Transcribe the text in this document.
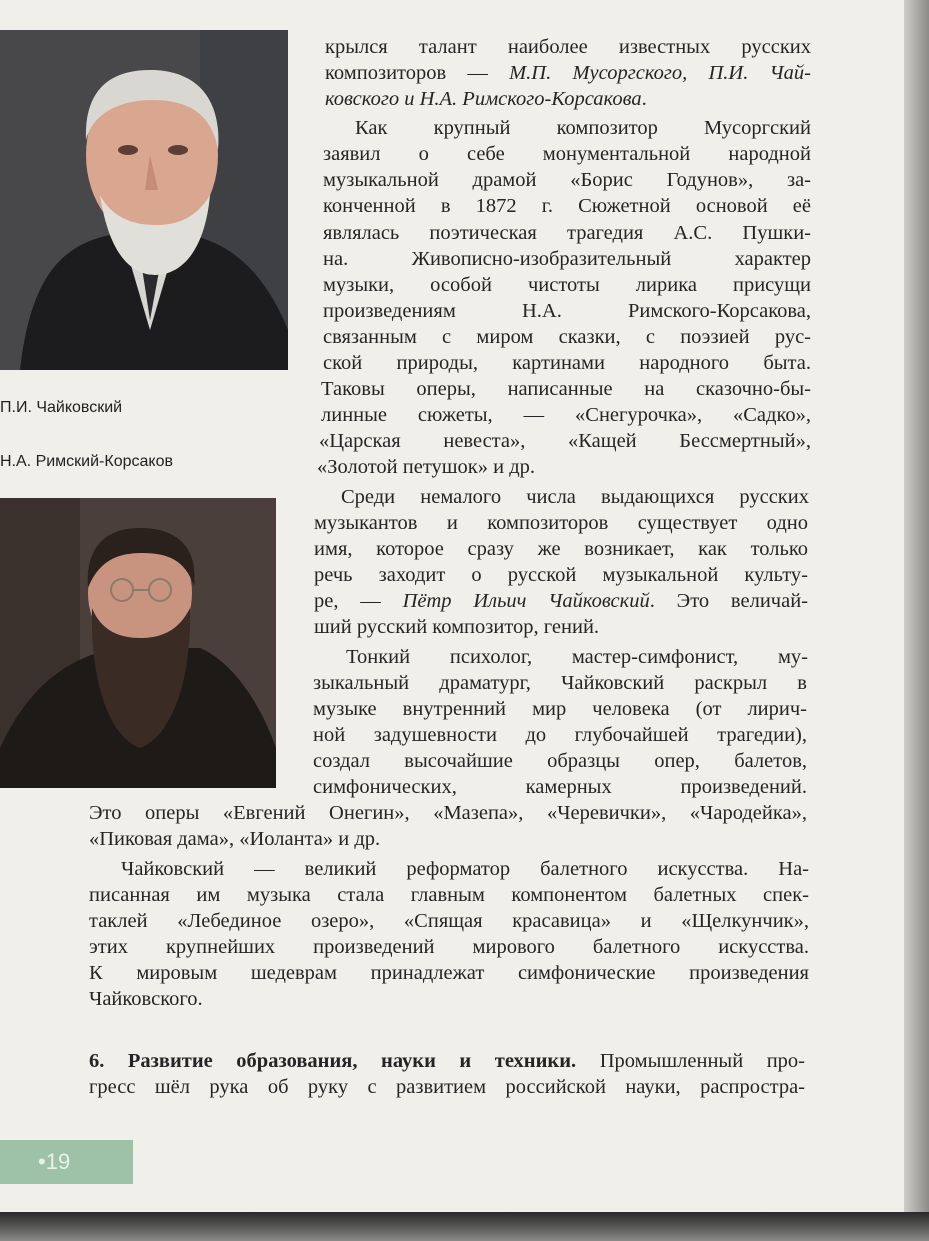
П.И. Чайковский
Н.А. Римский-Корсаков
крылся талант наиболее известных русских
композиторов — М.П. Мусоргского, П.И. Чай-
ковского и Н.А. Римского-Корсакова.
Как крупный композитор Мусоргский
заявил о себе монументальной народной
музыкальной драмой «Борис Годунов», за-
конченной в 1872 г. Сюжетной основой её
являлась поэтическая трагедия А.С. Пушки-
на. Живописно-изобразительный характер
музыки, особой чистоты лирика присущи
произведениям Н.А. Римского-Корсакова,
связанным с миром сказки, с поэзией рус-
ской природы, картинами народного быта.
Таковы оперы, написанные на сказочно-бы-
линные сюжеты, — «Снегурочка», «Садко»,
«Царская невеста», «Кащей Бессмертный»,
«Золотой петушок» и др.
Среди немалого числа выдающихся русских
музыкантов и композиторов существует одно
имя, которое сразу же возникает, как только
речь заходит о русской музыкальной культу-
ре, — Пётр Ильич Чайковский. Это величай-
ший русский композитор, гений.
Тонкий психолог, мастер-симфонист, му-
зыкальный драматург, Чайковский раскрыл в
музыке внутренний мир человека (от лирич-
ной задушевности до глубочайшей трагедии),
создал высочайшие образцы опер, балетов,
симфонических, камерных произведений.
Это оперы «Евгений Онегин», «Мазепа», «Черевички», «Чародейка»,
«Пиковая дама», «Иоланта» и др.
Чайковский — великий реформатор балетного искусства. На-
писанная им музыка стала главным компонентом балетных спек-
таклей «Лебединое озеро», «Спящая красавица» и «Щелкунчик»,
этих крупнейших произведений мирового балетного искусства.
К мировым шедеврам принадлежат симфонические произведения
Чайковского.
6. Развитие образования, науки и техники. Промышленный про-
гресс шёл рука об руку с развитием российской науки, распростра-
•19
